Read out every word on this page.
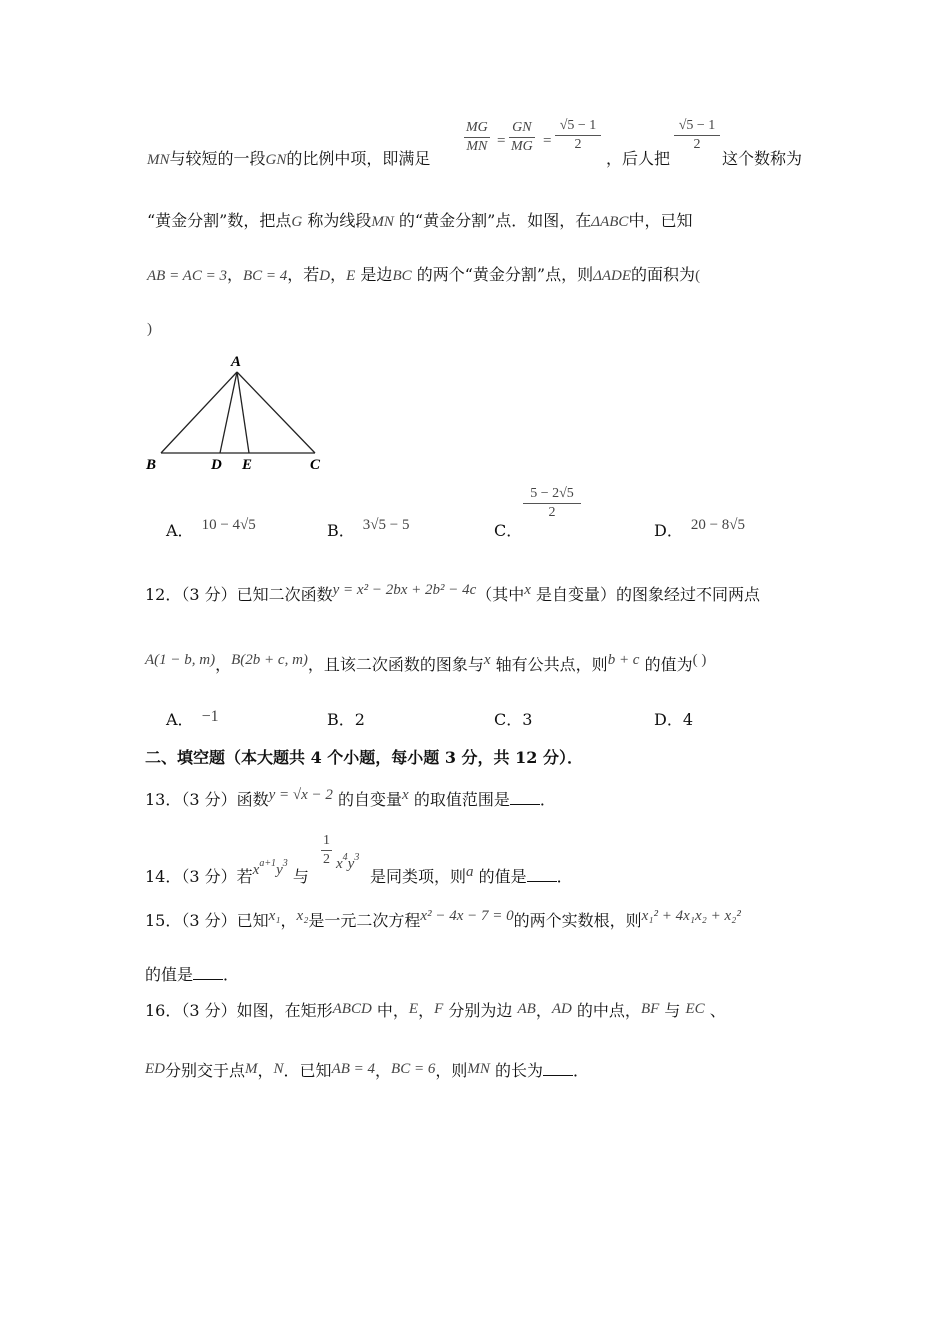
MN与较短的一段GN的比例中项，即满足
MG
MN =
GN
MG =
√5 − 1
2
，后人把
√5 − 1
2
这个数称为
“黄金分割”数，把点G 称为线段MN 的“黄金分割”点．如图，在ΔABC中，已知
AB = AC = 3，BC = 4，若D，E 是边BC 的两个“黄金分割”点，则ΔADE的面积为(
)
A
B	D E	C
A． 10 − 4√5	B． 3√5 − 5	C．
5 − 2√5
2
D． 20 − 8√5
12．（3 分）已知二次函数y = x² − 2bx + 2b² − 4c（其中x 是自变量）的图象经过不同两点
A(1 − b, m)，B(2b + c, m)，且该二次函数的图象与x 轴有公共点，则b + c 的值为( )
A． −1	B．2	C．3	D．4
二、填空题（本大题共 4 个小题，每小题 3 分，共 12 分）．
13．（3 分）函数y = √x − 2 的自变量x 的取值范围是 ．
14．（3 分）若$x^{a+1}y^3$ 与
1
2 $x^4y^3$
是同类项，则a 的值是 ．
15．（3 分）已知x₁，x₂是一元二次方程x² − 4x − 7 = 0的两个实数根，则x₁² + 4x₁x₂ + x₂²
的值是 ．
16．（3 分）如图，在矩形ABCD 中，E，F 分别为边 AB，AD 的中点，BF 与 EC 、
ED分别交于点M，N．已知AB = 4，BC = 6，则MN 的长为 ．
